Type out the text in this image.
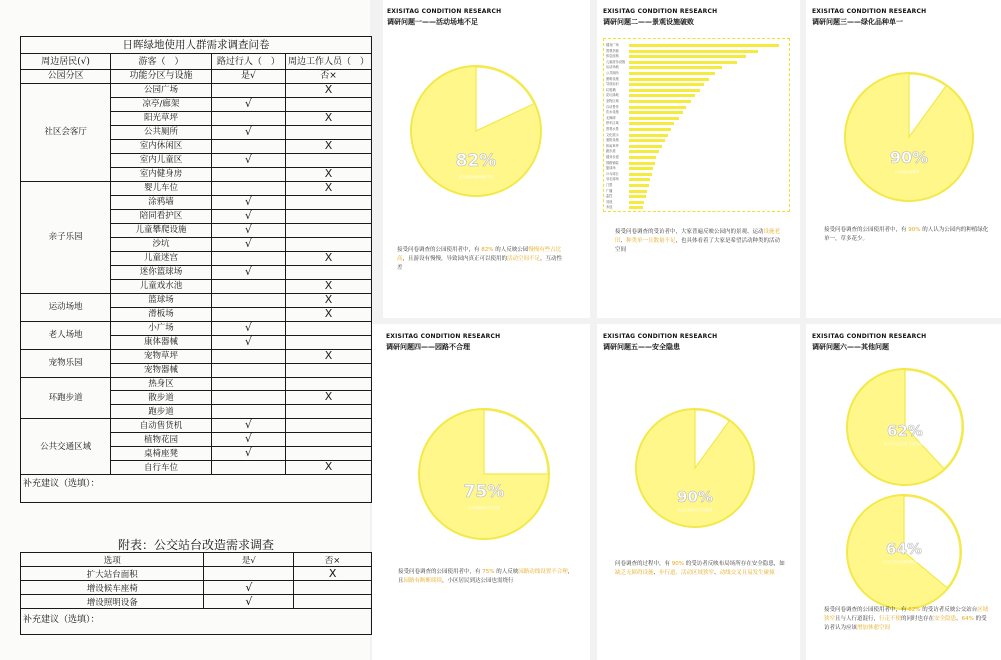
日晖绿地使用人群需求调查问卷			
周边居民(√)	游客（　）	路过行人（　）	周边工作人员（　）
公园分区	功能分区与设施	是√	否×
社区会客厅	公园广场		X
	凉亭/廊架	√	
	阳光草坪		X
	公共厕所	√	
	室内休闲区		X
	室内儿童区	√	
	室内健身房		X
亲子乐园	婴儿车位		X
	涂鸦墙	√	
	陪同看护区	√	
	儿童攀爬设施	√	
	沙坑	√	
	儿童迷宫		X
	迷你篮球场	√	
	儿童戏水池		X
运动场地	篮球场		X
	滑板场		X
老人场地	小广场	√	
	康体器械	√	
宠物乐园	宠物草坪		X
	宠物器械		
环跑步道	热身区		
	散步道		X
	跑步道		
公共交通区域	自动售货机	√	
	植物花园	√	
	桌椅座凳	√	
	自行车位		X
补充建议（选填）：			
附表：公交站台改造需求调查
选项	是√	否×
扩大站台面积		X
增设候车座椅	√	
增设照明设备	√	
补充建议（选填）：		
EXISITAG CONDITION RESEARCH
调研问题一——活动场地不足
82%
认为活动场地面积不足
接受问卷调查的公园使用者中，有 82% 的人反映公园慢慢有些占比高，且游设有慢慢，导致园内真正可以使用的活动空间不足，互动性差
EXISITAG CONDITION RESEARCH
调研问题二——景观设施破败
接受问卷调查的受访者中，大家普遍反映公园内的景观、运动设施老旧、种类单一且数量不足，也具体看着了大家是希望活动种类的活动空间
健身广场
景观亭廊
休息座椅
儿童游乐设施
运动场地
公共厕所
照明设施
导视标识
垃圾桶
花坛绿地
宠物区域
自动售货
饮水设施
无障碍
停车区域
景观水景
文化展示
遮阳设施
休闲草坪
跑步道
健身步道
园路铺装
篮球场
乒乓球台
羽毛球场
门禁
广播
监控
其他
未选
EXISITAG CONDITION RESEARCH
调研问题三——绿化品种单一
90%
认为绿化品种单一
接受问卷调查的公园使用者中，有 90% 的人认为公园内的种植绿化单一，草多花少。
EXISITAG CONDITION RESEARCH
调研问题四——园路不合理
75%
认为园路设计不合理
接受问卷调查的公园使用者中，有 75% 的人反映园路动线设置不合理，且园路有断断续续，小区居民到达公园也需绕行
EXISITAG CONDITION RESEARCH
调研问题五——安全隐患
90%
认为公园存在安全隐患
问卷调查的过程中，有 90% 的受访者反映布局场所存在安全隐患，如缺乏无障碍设施、步行道、活动区域狭窄、动线交叉且易发生碰撞
EXISITAG CONDITION RESEARCH
调研问题六——其他问题
62%
认为公交站台扩大候车面积
64%
认为公交站台增设候车座椅
接受问卷调查的公园使用者中，有 62% 的受访者反映公交站台区域狭窄且与人行道混行，行走不便的同时也存在安全隐患。64% 的受访者认为应该增加休憩空间
